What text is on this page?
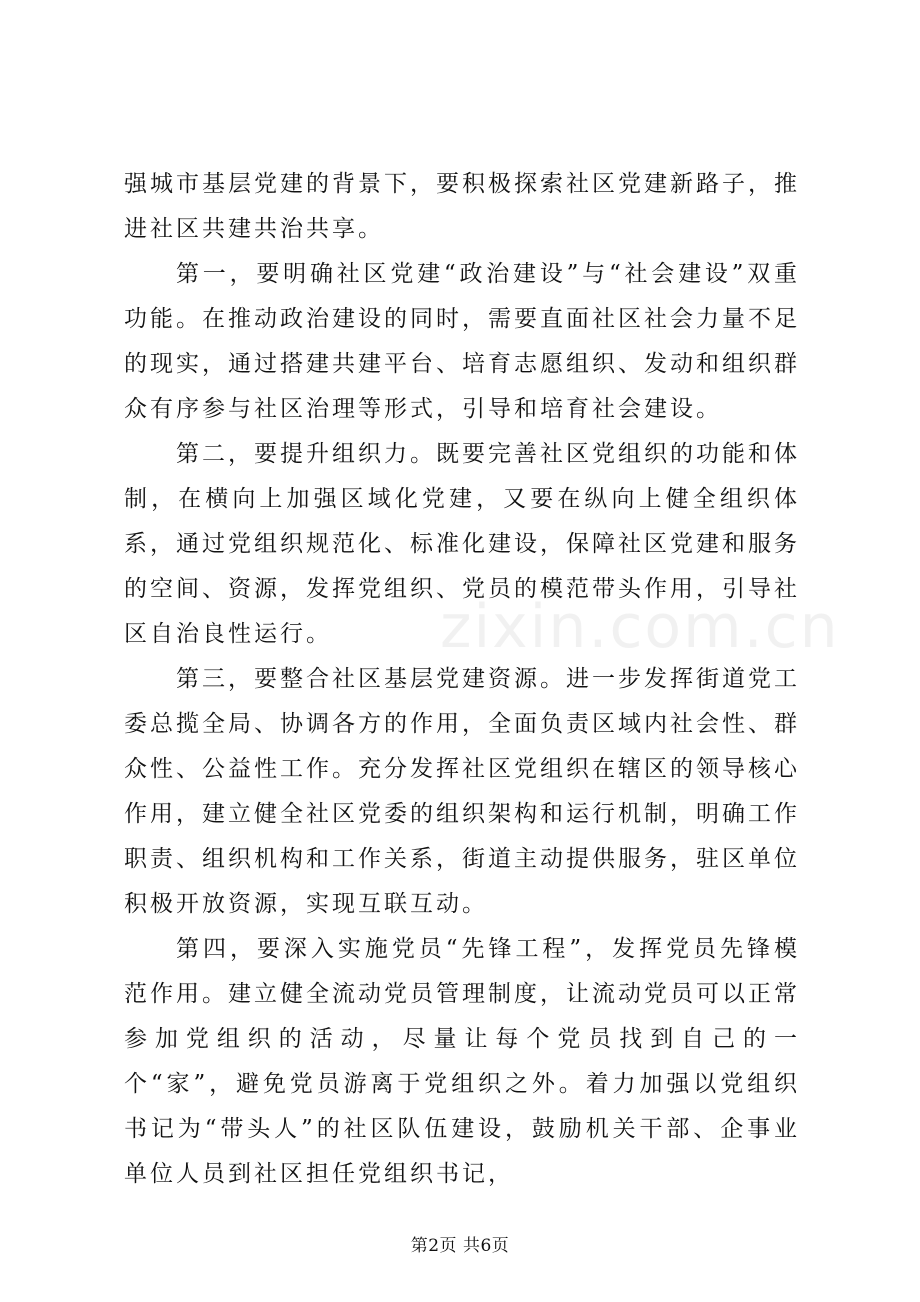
强城市基层党建的背景下，要积极探索社区党建新路子，推进社区共建共治共享。

第一，要明确社区党建“政治建设”与“社会建设”双重功能。在推动政治建设的同时，需要直面社区社会力量不足的现实，通过搭建共建平台、培育志愿组织、发动和组织群众有序参与社区治理等形式，引导和培育社会建设。

第二，要提升组织力。既要完善社区党组织的功能和体制，在横向上加强区域化党建，又要在纵向上健全组织体系，通过党组织规范化、标准化建设，保障社区党建和服务的空间、资源，发挥党组织、党员的模范带头作用，引导社区自治良性运行。

第三，要整合社区基层党建资源。进一步发挥街道党工委总揽全局、协调各方的作用，全面负责区域内社会性、群众性、公益性工作。充分发挥社区党组织在辖区的领导核心作用，建立健全社区党委的组织架构和运行机制，明确工作职责、组织机构和工作关系，街道主动提供服务，驻区单位积极开放资源，实现互联互动。

第四，要深入实施党员“先锋工程”，发挥党员先锋模范作用。建立健全流动党员管理制度，让流动党员可以正常参加党组织的活动，尽量让每个党员找到自己的一个“家”，避免党员游离于党组织之外。着力加强以党组织书记为“带头人”的社区队伍建设，鼓励机关干部、企事业单位人员到社区担任党组织书记，

zixin.com.cn
第2页 共6页
